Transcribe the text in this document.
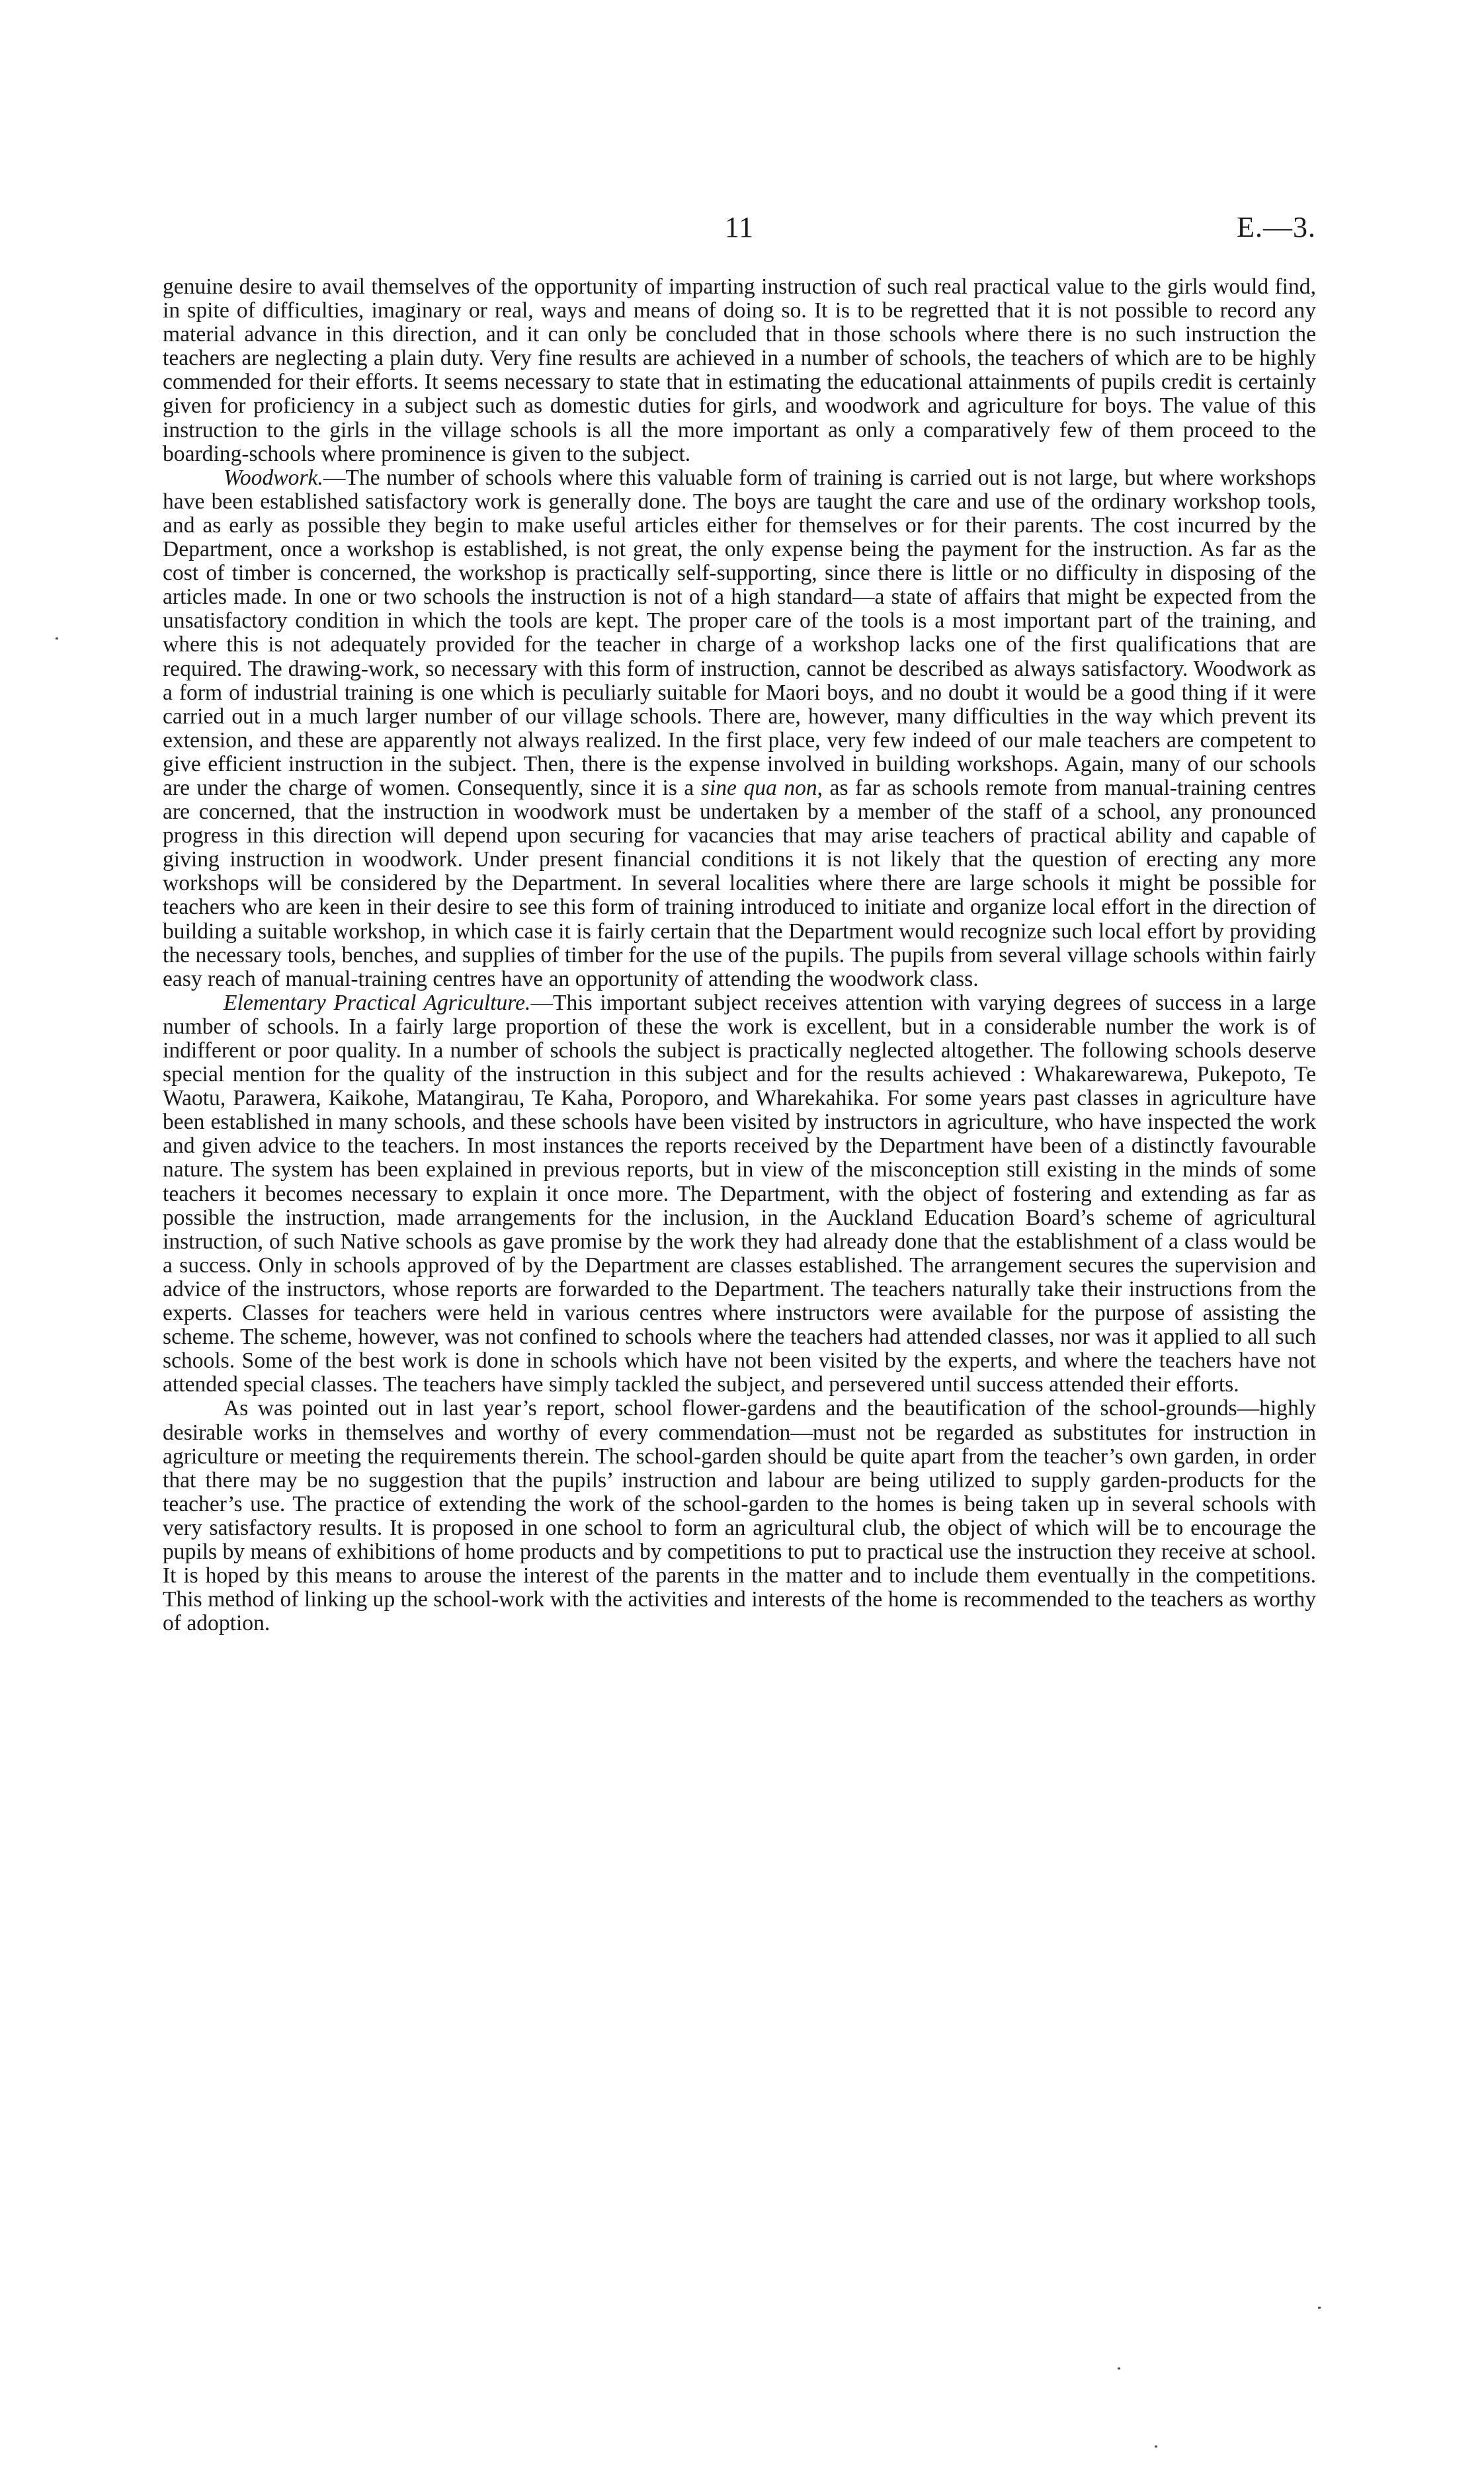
11	E.—3.

genuine desire to avail themselves of the opportunity of imparting instruction of such real practical value to the girls would find, in spite of difficulties, imaginary or real, ways and means of doing so. It is to be regretted that it is not possible to record any material advance in this direction, and it can only be concluded that in those schools where there is no such instruction the teachers are neglecting a plain duty. Very fine results are achieved in a number of schools, the teachers of which are to be highly commended for their efforts. It seems necessary to state that in estimating the educational attainments of pupils credit is certainly given for proficiency in a subject such as domestic duties for girls, and woodwork and agriculture for boys. The value of this instruction to the girls in the village schools is all the more important as only a comparatively few of them proceed to the boarding-schools where prominence is given to the subject.

Woodwork.—The number of schools where this valuable form of training is carried out is not large, but where workshops have been established satisfactory work is generally done. The boys are taught the care and use of the ordinary workshop tools, and as early as possible they begin to make useful articles either for themselves or for their parents. The cost incurred by the Department, once a workshop is established, is not great, the only expense being the payment for the instruction. As far as the cost of timber is concerned, the workshop is practically self-supporting, since there is little or no difficulty in disposing of the articles made. In one or two schools the instruction is not of a high standard—a state of affairs that might be expected from the unsatisfactory condition in which the tools are kept. The proper care of the tools is a most important part of the training, and where this is not adequately provided for the teacher in charge of a workshop lacks one of the first qualifications that are required. The drawing-work, so necessary with this form of instruction, cannot be described as always satisfactory. Woodwork as a form of industrial training is one which is peculiarly suitable for Maori boys, and no doubt it would be a good thing if it were carried out in a much larger number of our village schools. There are, however, many difficulties in the way which prevent its extension, and these are apparently not always realized. In the first place, very few indeed of our male teachers are competent to give efficient instruction in the subject. Then, there is the expense involved in building workshops. Again, many of our schools are under the charge of women. Consequently, since it is a sine qua non, as far as schools remote from manual-training centres are concerned, that the instruction in woodwork must be undertaken by a member of the staff of a school, any pronounced progress in this direction will depend upon securing for vacancies that may arise teachers of practical ability and capable of giving instruction in woodwork. Under present financial conditions it is not likely that the question of erecting any more workshops will be considered by the Department. In several localities where there are large schools it might be possible for teachers who are keen in their desire to see this form of training introduced to initiate and organize local effort in the direction of building a suitable workshop, in which case it is fairly certain that the Department would recognize such local effort by providing the necessary tools, benches, and supplies of timber for the use of the pupils. The pupils from several village schools within fairly easy reach of manual-training centres have an opportunity of attending the woodwork class.

Elementary Practical Agriculture.—This important subject receives attention with varying degrees of success in a large number of schools. In a fairly large proportion of these the work is excellent, but in a considerable number the work is of indifferent or poor quality. In a number of schools the subject is practically neglected altogether. The following schools deserve special mention for the quality of the instruction in this subject and for the results achieved : Whakarewarewa, Pukepoto, Te Waotu, Parawera, Kaikohe, Matangirau, Te Kaha, Poroporo, and Wharekahika. For some years past classes in agriculture have been established in many schools, and these schools have been visited by instructors in agriculture, who have inspected the work and given advice to the teachers. In most instances the reports received by the Department have been of a distinctly favourable nature. The system has been explained in previous reports, but in view of the misconception still existing in the minds of some teachers it becomes necessary to explain it once more. The Department, with the object of fostering and extending as far as possible the instruction, made arrangements for the inclusion, in the Auckland Education Board’s scheme of agricultural instruction, of such Native schools as gave promise by the work they had already done that the establishment of a class would be a success. Only in schools approved of by the Department are classes established. The arrangement secures the supervision and advice of the instructors, whose reports are forwarded to the Department. The teachers naturally take their instructions from the experts. Classes for teachers were held in various centres where instructors were available for the purpose of assisting the scheme. The scheme, however, was not confined to schools where the teachers had attended classes, nor was it applied to all such schools. Some of the best work is done in schools which have not been visited by the experts, and where the teachers have not attended special classes. The teachers have simply tackled the subject, and persevered until success attended their efforts.

As was pointed out in last year’s report, school flower-gardens and the beautification of the school-grounds—highly desirable works in themselves and worthy of every commendation—must not be regarded as substitutes for instruction in agriculture or meeting the requirements therein. The school-garden should be quite apart from the teacher’s own garden, in order that there may be no suggestion that the pupils’ instruction and labour are being utilized to supply garden-products for the teacher’s use. The practice of extending the work of the school-garden to the homes is being taken up in several schools with very satisfactory results. It is proposed in one school to form an agricultural club, the object of which will be to encourage the pupils by means of exhibitions of home products and by competitions to put to practical use the instruction they receive at school. It is hoped by this means to arouse the interest of the parents in the matter and to include them eventually in the competitions. This method of linking up the school-work with the activities and interests of the home is recommended to the teachers as worthy of adoption.
